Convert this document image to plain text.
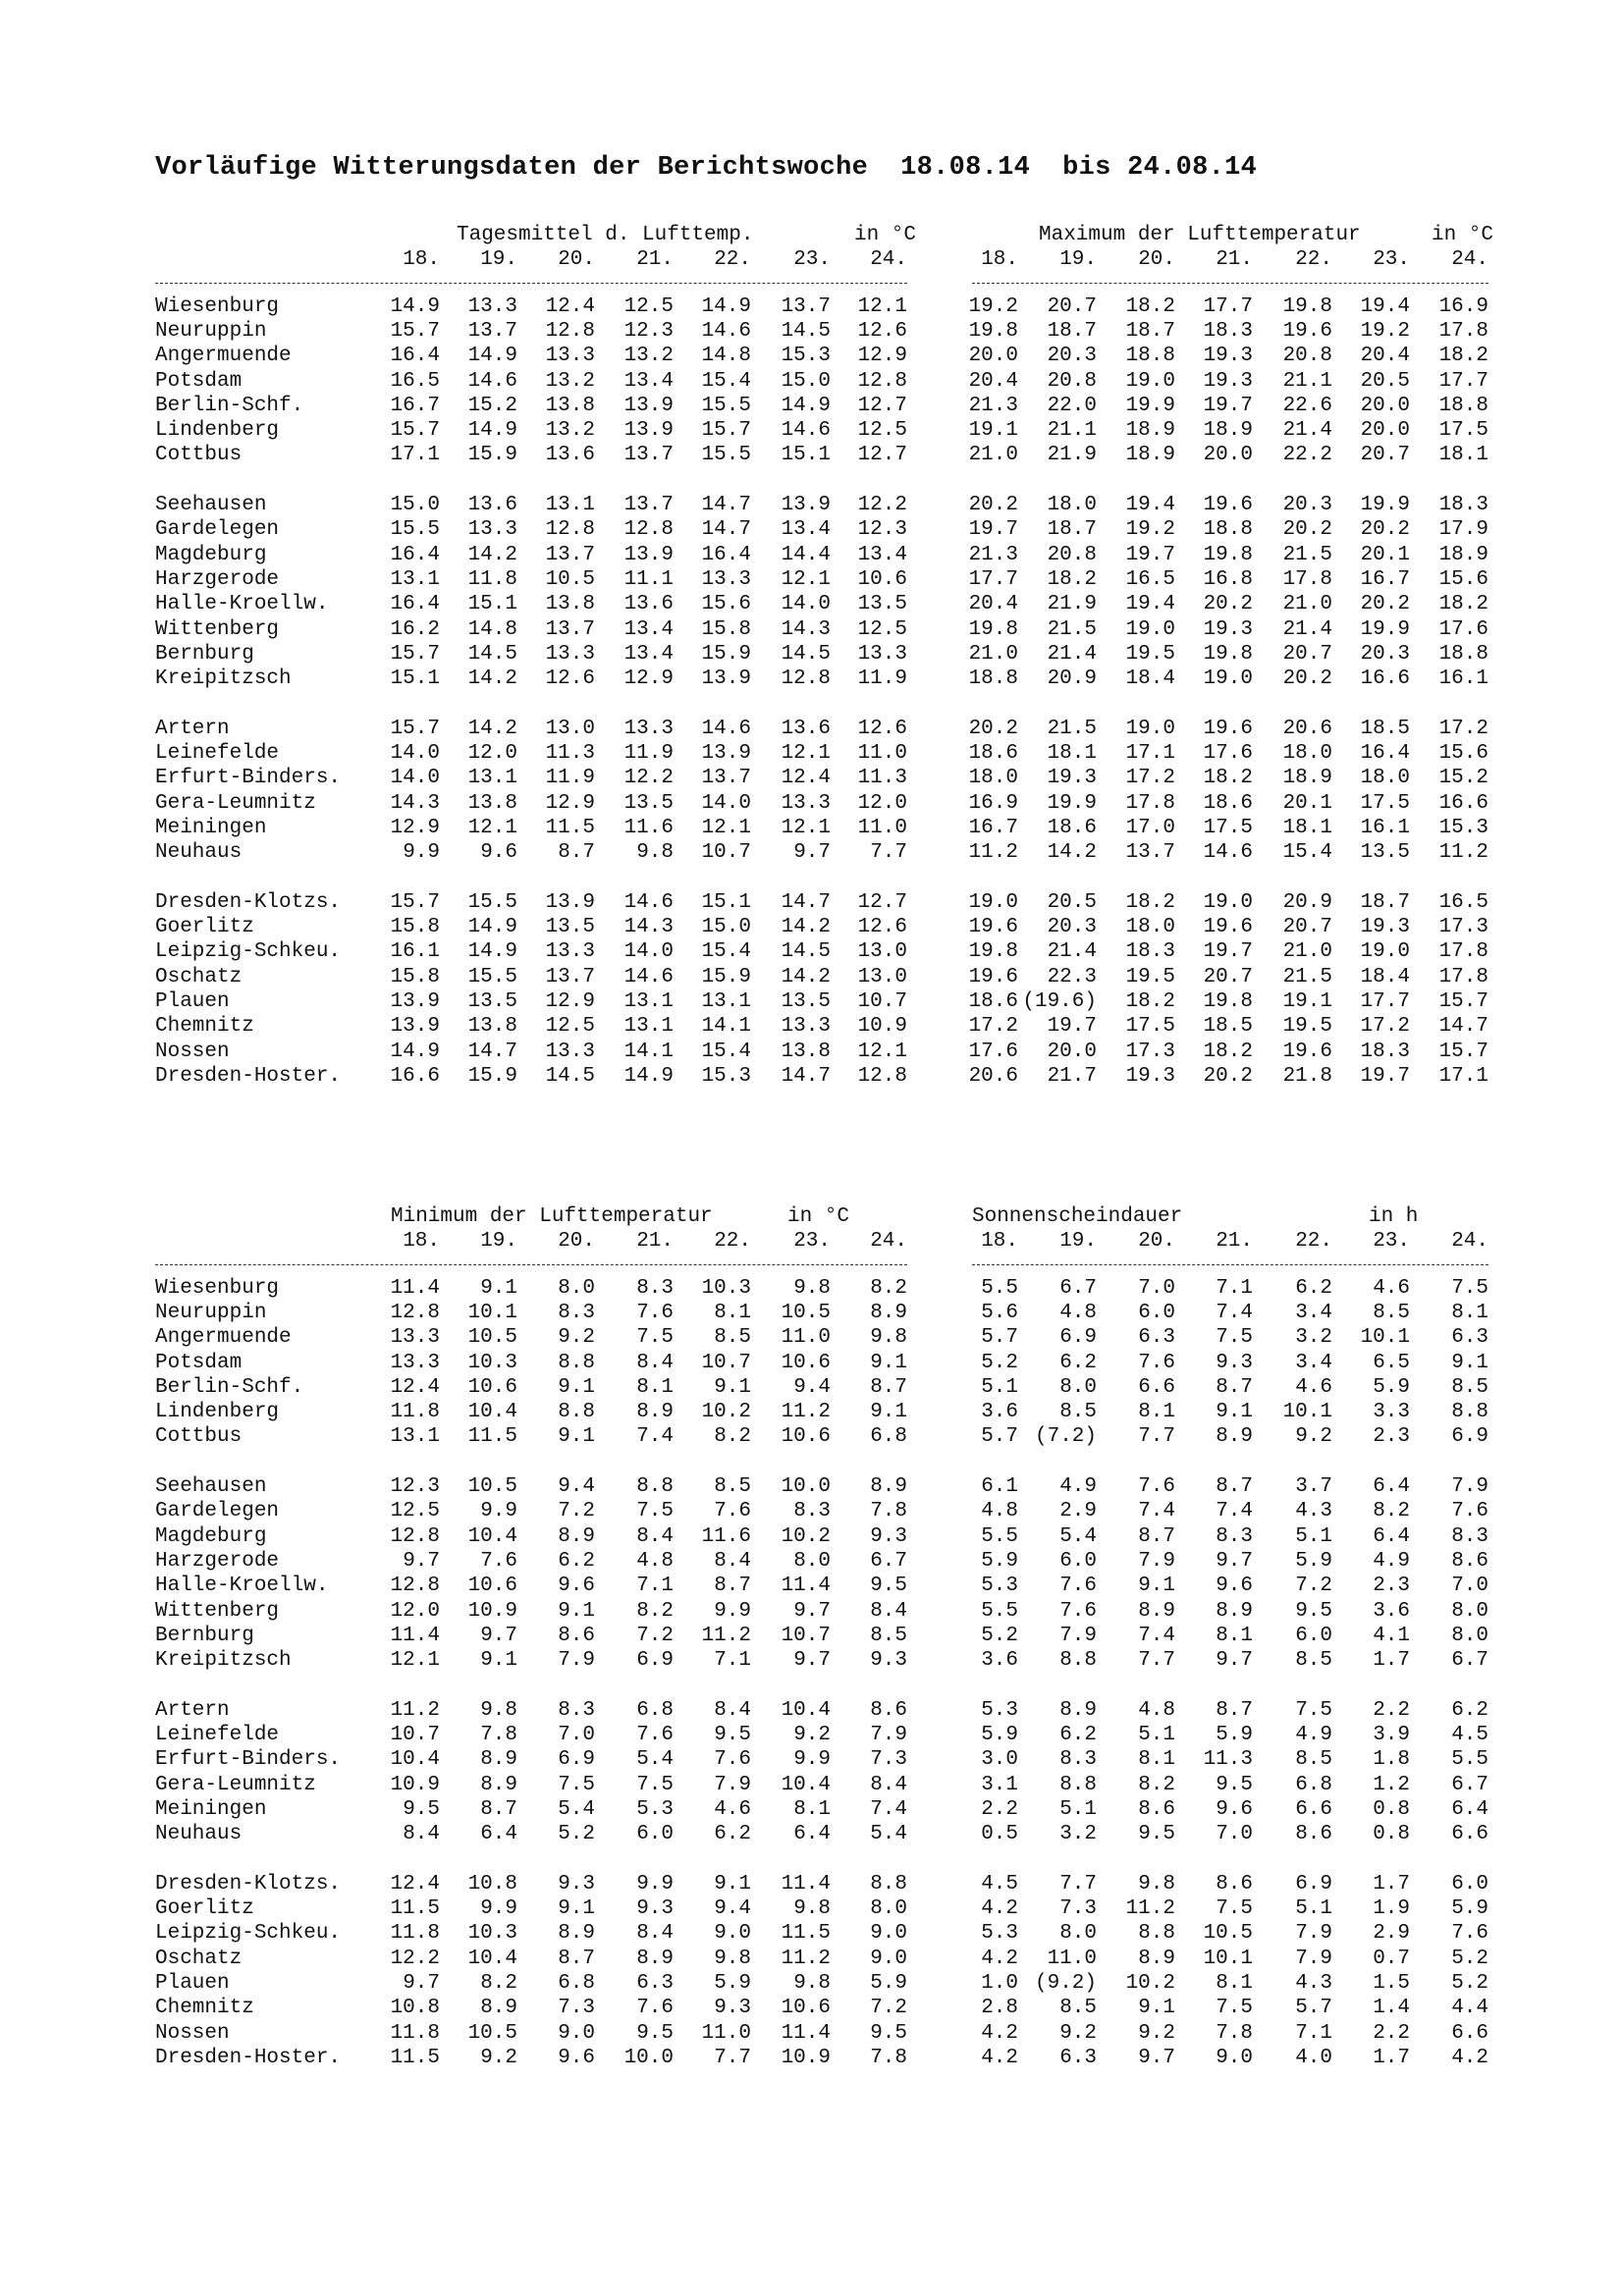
Vorläufige Witterungsdaten der Berichtswoche  18.08.14  bis 24.08.14
Tagesmittel d. Lufttemp.	in °C	Maximum der Lufttemperatur	in °C
18.	19.	20.	21.	22.	23.	24.	18.	19.	20.	21.	22.	23.	24.
Wiesenburg	14.9	13.3	12.4	12.5	14.9	13.7	12.1	19.2	20.7	18.2	17.7	19.8	19.4	16.9
Neuruppin	15.7	13.7	12.8	12.3	14.6	14.5	12.6	19.8	18.7	18.7	18.3	19.6	19.2	17.8
Angermuende	16.4	14.9	13.3	13.2	14.8	15.3	12.9	20.0	20.3	18.8	19.3	20.8	20.4	18.2
Potsdam	16.5	14.6	13.2	13.4	15.4	15.0	12.8	20.4	20.8	19.0	19.3	21.1	20.5	17.7
Berlin-Schf.	16.7	15.2	13.8	13.9	15.5	14.9	12.7	21.3	22.0	19.9	19.7	22.6	20.0	18.8
Lindenberg	15.7	14.9	13.2	13.9	15.7	14.6	12.5	19.1	21.1	18.9	18.9	21.4	20.0	17.5
Cottbus	17.1	15.9	13.6	13.7	15.5	15.1	12.7	21.0	21.9	18.9	20.0	22.2	20.7	18.1
Seehausen	15.0	13.6	13.1	13.7	14.7	13.9	12.2	20.2	18.0	19.4	19.6	20.3	19.9	18.3
Gardelegen	15.5	13.3	12.8	12.8	14.7	13.4	12.3	19.7	18.7	19.2	18.8	20.2	20.2	17.9
Magdeburg	16.4	14.2	13.7	13.9	16.4	14.4	13.4	21.3	20.8	19.7	19.8	21.5	20.1	18.9
Harzgerode	13.1	11.8	10.5	11.1	13.3	12.1	10.6	17.7	18.2	16.5	16.8	17.8	16.7	15.6
Halle-Kroellw.	16.4	15.1	13.8	13.6	15.6	14.0	13.5	20.4	21.9	19.4	20.2	21.0	20.2	18.2
Wittenberg	16.2	14.8	13.7	13.4	15.8	14.3	12.5	19.8	21.5	19.0	19.3	21.4	19.9	17.6
Bernburg	15.7	14.5	13.3	13.4	15.9	14.5	13.3	21.0	21.4	19.5	19.8	20.7	20.3	18.8
Kreipitzsch	15.1	14.2	12.6	12.9	13.9	12.8	11.9	18.8	20.9	18.4	19.0	20.2	16.6	16.1
Artern	15.7	14.2	13.0	13.3	14.6	13.6	12.6	20.2	21.5	19.0	19.6	20.6	18.5	17.2
Leinefelde	14.0	12.0	11.3	11.9	13.9	12.1	11.0	18.6	18.1	17.1	17.6	18.0	16.4	15.6
Erfurt-Binders.	14.0	13.1	11.9	12.2	13.7	12.4	11.3	18.0	19.3	17.2	18.2	18.9	18.0	15.2
Gera-Leumnitz	14.3	13.8	12.9	13.5	14.0	13.3	12.0	16.9	19.9	17.8	18.6	20.1	17.5	16.6
Meiningen	12.9	12.1	11.5	11.6	12.1	12.1	11.0	16.7	18.6	17.0	17.5	18.1	16.1	15.3
Neuhaus	9.9	9.6	8.7	9.8	10.7	9.7	7.7	11.2	14.2	13.7	14.6	15.4	13.5	11.2
Dresden-Klotzs.	15.7	15.5	13.9	14.6	15.1	14.7	12.7	19.0	20.5	18.2	19.0	20.9	18.7	16.5
Goerlitz	15.8	14.9	13.5	14.3	15.0	14.2	12.6	19.6	20.3	18.0	19.6	20.7	19.3	17.3
Leipzig-Schkeu.	16.1	14.9	13.3	14.0	15.4	14.5	13.0	19.8	21.4	18.3	19.7	21.0	19.0	17.8
Oschatz	15.8	15.5	13.7	14.6	15.9	14.2	13.0	19.6	22.3	19.5	20.7	21.5	18.4	17.8
Plauen	13.9	13.5	12.9	13.1	13.1	13.5	10.7	18.6 (19.6)	18.2	19.8	19.1	17.7	15.7
Chemnitz	13.9	13.8	12.5	13.1	14.1	13.3	10.9	17.2	19.7	17.5	18.5	19.5	17.2	14.7
Nossen	14.9	14.7	13.3	14.1	15.4	13.8	12.1	17.6	20.0	17.3	18.2	19.6	18.3	15.7
Dresden-Hoster.	16.6	15.9	14.5	14.9	15.3	14.7	12.8	20.6	21.7	19.3	20.2	21.8	19.7	17.1
Minimum der Lufttemperatur	in °C	Sonnenscheindauer	in h
18.	19.	20.	21.	22.	23.	24.	18.	19.	20.	21.	22.	23.	24.
Wiesenburg	11.4	9.1	8.0	8.3	10.3	9.8	8.2	5.5	6.7	7.0	7.1	6.2	4.6	7.5
Neuruppin	12.8	10.1	8.3	7.6	8.1	10.5	8.9	5.6	4.8	6.0	7.4	3.4	8.5	8.1
Angermuende	13.3	10.5	9.2	7.5	8.5	11.0	9.8	5.7	6.9	6.3	7.5	3.2	10.1	6.3
Potsdam	13.3	10.3	8.8	8.4	10.7	10.6	9.1	5.2	6.2	7.6	9.3	3.4	6.5	9.1
Berlin-Schf.	12.4	10.6	9.1	8.1	9.1	9.4	8.7	5.1	8.0	6.6	8.7	4.6	5.9	8.5
Lindenberg	11.8	10.4	8.8	8.9	10.2	11.2	9.1	3.6	8.5	8.1	9.1	10.1	3.3	8.8
Cottbus	13.1	11.5	9.1	7.4	8.2	10.6	6.8	5.7 (7.2)	7.7	8.9	9.2	2.3	6.9
Seehausen	12.3	10.5	9.4	8.8	8.5	10.0	8.9	6.1	4.9	7.6	8.7	3.7	6.4	7.9
Gardelegen	12.5	9.9	7.2	7.5	7.6	8.3	7.8	4.8	2.9	7.4	7.4	4.3	8.2	7.6
Magdeburg	12.8	10.4	8.9	8.4	11.6	10.2	9.3	5.5	5.4	8.7	8.3	5.1	6.4	8.3
Harzgerode	9.7	7.6	6.2	4.8	8.4	8.0	6.7	5.9	6.0	7.9	9.7	5.9	4.9	8.6
Halle-Kroellw.	12.8	10.6	9.6	7.1	8.7	11.4	9.5	5.3	7.6	9.1	9.6	7.2	2.3	7.0
Wittenberg	12.0	10.9	9.1	8.2	9.9	9.7	8.4	5.5	7.6	8.9	8.9	9.5	3.6	8.0
Bernburg	11.4	9.7	8.6	7.2	11.2	10.7	8.5	5.2	7.9	7.4	8.1	6.0	4.1	8.0
Kreipitzsch	12.1	9.1	7.9	6.9	7.1	9.7	9.3	3.6	8.8	7.7	9.7	8.5	1.7	6.7
Artern	11.2	9.8	8.3	6.8	8.4	10.4	8.6	5.3	8.9	4.8	8.7	7.5	2.2	6.2
Leinefelde	10.7	7.8	7.0	7.6	9.5	9.2	7.9	5.9	6.2	5.1	5.9	4.9	3.9	4.5
Erfurt-Binders.	10.4	8.9	6.9	5.4	7.6	9.9	7.3	3.0	8.3	8.1	11.3	8.5	1.8	5.5
Gera-Leumnitz	10.9	8.9	7.5	7.5	7.9	10.4	8.4	3.1	8.8	8.2	9.5	6.8	1.2	6.7
Meiningen	9.5	8.7	5.4	5.3	4.6	8.1	7.4	2.2	5.1	8.6	9.6	6.6	0.8	6.4
Neuhaus	8.4	6.4	5.2	6.0	6.2	6.4	5.4	0.5	3.2	9.5	7.0	8.6	0.8	6.6
Dresden-Klotzs.	12.4	10.8	9.3	9.9	9.1	11.4	8.8	4.5	7.7	9.8	8.6	6.9	1.7	6.0
Goerlitz	11.5	9.9	9.1	9.3	9.4	9.8	8.0	4.2	7.3	11.2	7.5	5.1	1.9	5.9
Leipzig-Schkeu.	11.8	10.3	8.9	8.4	9.0	11.5	9.0	5.3	8.0	8.8	10.5	7.9	2.9	7.6
Oschatz	12.2	10.4	8.7	8.9	9.8	11.2	9.0	4.2	11.0	8.9	10.1	7.9	0.7	5.2
Plauen	9.7	8.2	6.8	6.3	5.9	9.8	5.9	1.0 (9.2)	10.2	8.1	4.3	1.5	5.2
Chemnitz	10.8	8.9	7.3	7.6	9.3	10.6	7.2	2.8	8.5	9.1	7.5	5.7	1.4	4.4
Nossen	11.8	10.5	9.0	9.5	11.0	11.4	9.5	4.2	9.2	9.2	7.8	7.1	2.2	6.6
Dresden-Hoster.	11.5	9.2	9.6	10.0	7.7	10.9	7.8	4.2	6.3	9.7	9.0	4.0	1.7	4.2
